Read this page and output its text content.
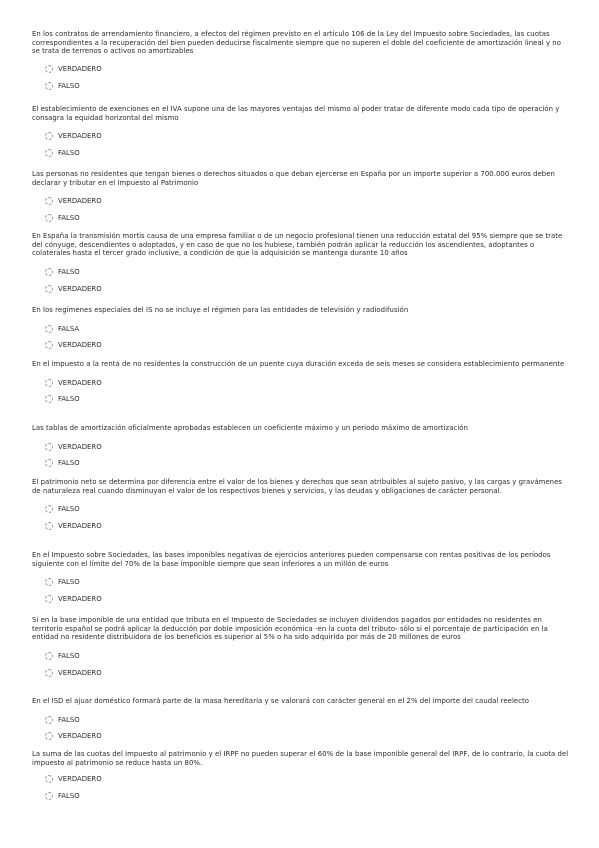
En los contratos de arrendamiento financiero, a efectos del régimen previsto en el artículo 106 de la Ley del Impuesto sobre Sociedades, las cuotas correspondientes a la recuperación del bien pueden deducirse fiscalmente siempre que no superen el doble del coeficiente de amortización lineal y no se trata de terrenos o activos no amortizables

VERDADERO
FALSO

El establecimiento de exenciones en el IVA supone una de las mayores ventajas del mismo al poder tratar de diferente modo cada tipo de operación y consagra la equidad horizontal del mismo

VERDADERO
FALSO

Las personas no residentes que tengan bienes o derechos situados o que deban ejercerse en España por un importe superior a 700.000 euros deben declarar y tributar en el Impuesto al Patrimonio

VERDADERO
FALSO

En España la transmisión mortis causa de una empresa familiar o de un negocio profesional tienen una reducción estatal del 95% siempre que se trate del cónyuge, descendientes o adoptados, y en caso de que no los hubiese, también podrán aplicar la reducción los ascendientes, adoptantes o colaterales hasta el tercer grado inclusive, a condición de que la adquisición se mantenga durante 10 años

FALSO
VERDADERO

En los regímenes especiales del IS no se incluye el régimen para las entidades de televisión y radiodifusión

FALSA
VERDADERO

En el impuesto a la renta de no residentes la construcción de un puente cuya duración exceda de seis meses se considera establecimiento permanente

VERDADERO
FALSO

Las tablas de amortización oficialmente aprobadas establecen un coeficiente máximo y un periodo máximo de amortización

VERDADERO
FALSO

El patrimonio neto se determina por diferencia entre el valor de los bienes y derechos que sean atribuibles al sujeto pasivo, y las cargas y gravámenes de naturaleza real cuando disminuyan el valor de los respectivos bienes y servicios, y las deudas y obligaciones de carácter personal.

FALSO
VERDADERO

En el Impuesto sobre Sociedades, las bases imponibles negativas de ejercicios anteriores pueden compensarse con rentas positivas de los períodos siguiente con el límite del 70% de la base imponible siempre que sean inferiores a un millón de euros

FALSO
VERDADERO

Si en la base imponible de una entidad que tributa en el Impuesto de Sociedades se incluyen dividendos pagados por entidades no residentes en territorio español se podrá aplicar la deducción por doble imposición económica -en la cuota del tributo- sólo si el porcentaje de participación en la entidad no residente distribuidora de los beneficios es superior al 5% o ha sido adquirida por más de 20 millones de euros

FALSO
VERDADERO

En el ISD el ajuar doméstico formará parte de la masa hereditaria y se valorará con carácter general en el 2% del importe del caudal reelecto

FALSO
VERDADERO

La suma de las cuotas del impuesto al patrimonio y el IRPF no pueden superar el 60% de la base imponible general del IRPF, de lo contrario, la cuota del impuesto al patrimonio se reduce hasta un 80%.

VERDADERO
FALSO
